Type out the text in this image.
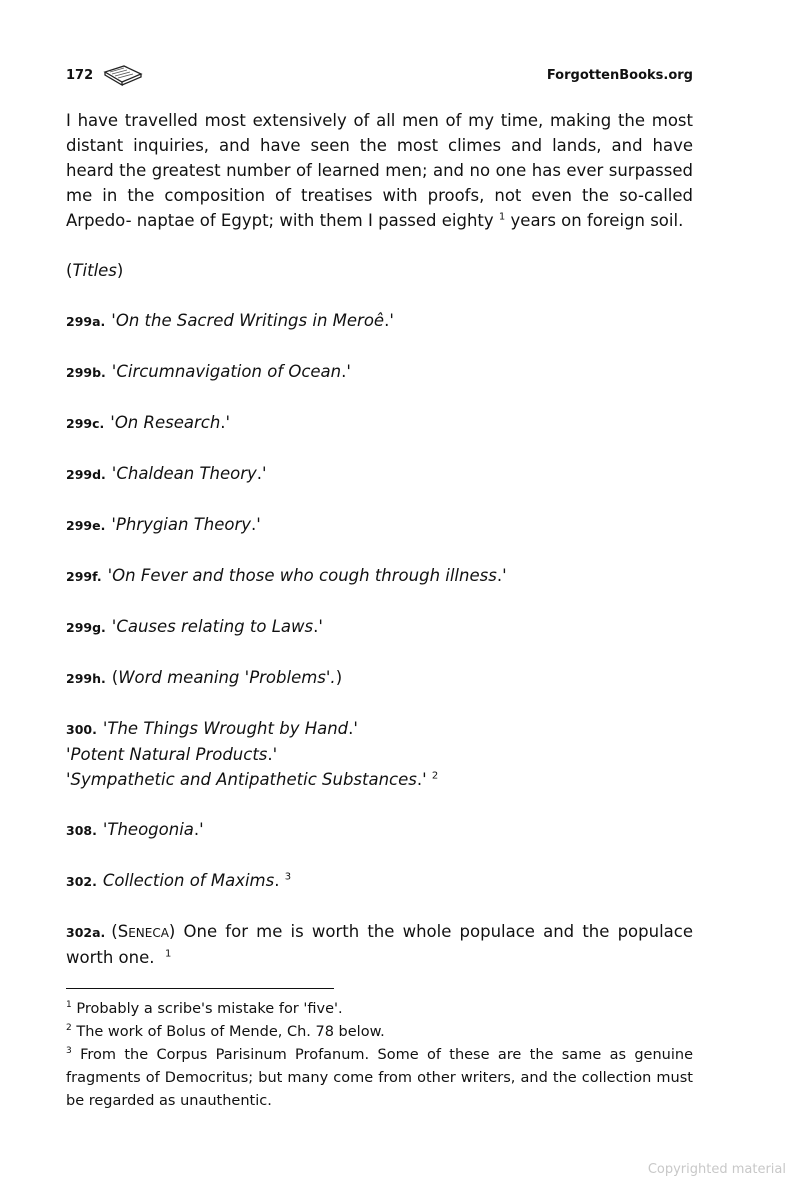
172	ForgottenBooks.org

I have travelled most extensively of all men of my time, making the most distant inquiries, and have seen the most climes and lands, and have heard the greatest number of learned men; and no one has ever surpassed me in the composition of treatises with proofs, not even the so-called Arpedo- naptae of Egypt; with them I passed eighty $^1$ years on foreign soil.

(Titles)

299a. 'On the Sacred Writings in Meroê.'

299b. 'Circumnavigation of Ocean.'

299c. 'On Research.'

299d. 'Chaldean Theory.'

299e. 'Phrygian Theory.'

299f. 'On Fever and those who cough through illness.'

299g. 'Causes relating to Laws.'

299h. (Word meaning 'Problems'.)

300. 'The Things Wrought by Hand.'
'Potent Natural Products.'
'Sympathetic and Antipathetic Substances.' $^2$

308. 'Theogonia.'

302. Collection of Maxims. $^3$

302a. (Seneca) One for me is worth the whole populace and the populace worth one. $^1$

$^1$ Probably a scribe's mistake for 'five'.

$^2$ The work of Bolus of Mende, Ch. 78 below.

$^3$ From the Corpus Parisinum Profanum. Some of these are the same as genuine fragments of Democritus; but many come from other writers, and the collection must be regarded as unauthentic.

Copyrighted material
